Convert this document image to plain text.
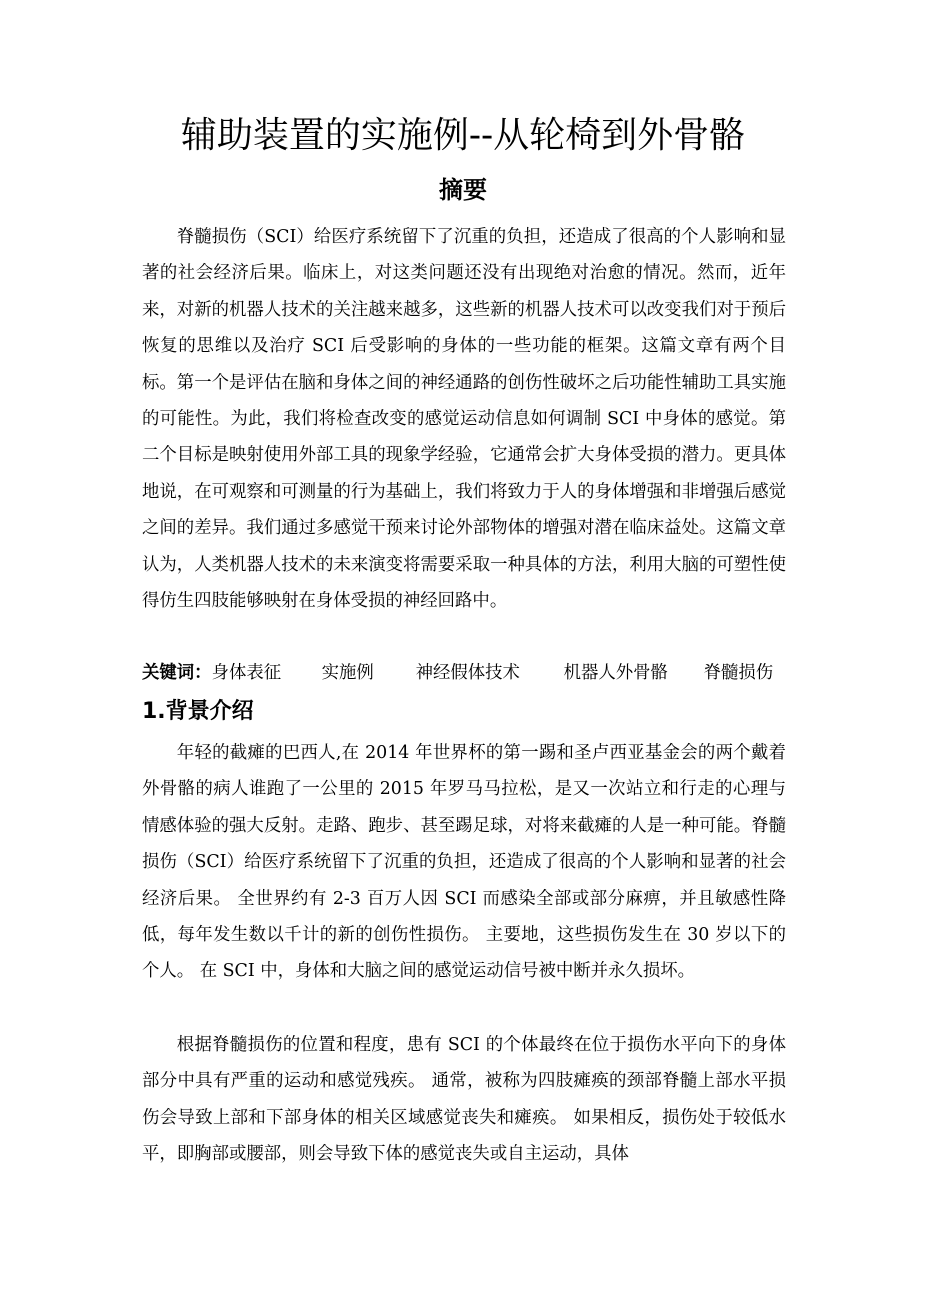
辅助装置的实施例--从轮椅到外骨骼
摘要

脊髓损伤（SCI）给医疗系统留下了沉重的负担，还造成了很高的个人影响和显著的社会经济后果。临床上，对这类问题还没有出现绝对治愈的情况。然而，近年来，对新的机器人技术的关注越来越多，这些新的机器人技术可以改变我们对于预后恢复的思维以及治疗 SCI 后受影响的身体的一些功能的框架。这篇文章有两个目标。第一个是评估在脑和身体之间的神经通路的创伤性破坏之后功能性辅助工具实施的可能性。为此，我们将检查改变的感觉运动信息如何调制 SCI 中身体的感觉。第二个目标是映射使用外部工具的现象学经验，它通常会扩大身体受损的潜力。更具体地说，在可观察和可测量的行为基础上，我们将致力于人的身体增强和非增强后感觉之间的差异。我们通过多感觉干预来讨论外部物体的增强对潜在临床益处。这篇文章认为，人类机器人技术的未来演变将需要采取一种具体的方法，利用大脑的可塑性使得仿生四肢能够映射在身体受损的神经回路中。

关键词：身体表征 实施例 神经假体技术	机器人外骨骼 脊髓损伤
1.背景介绍

年轻的截瘫的巴西人,在 2014 年世界杯的第一踢和圣卢西亚基金会的两个戴着外骨骼的病人谁跑了一公里的 2015 年罗马马拉松，是又一次站立和行走的心理与情感体验的强大反射。走路、跑步、甚至踢足球，对将来截瘫的人是一种可能。脊髓损伤（SCI）给医疗系统留下了沉重的负担，还造成了很高的个人影响和显著的社会经济后果。 全世界约有 2-3 百万人因 SCI 而感染全部或部分麻痹，并且敏感性降低，每年发生数以千计的新的创伤性损伤。 主要地，这些损伤发生在 30 岁以下的个人。 在 SCI 中，身体和大脑之间的感觉运动信号被中断并永久损坏。

根据脊髓损伤的位置和程度，患有 SCI 的个体最终在位于损伤水平向下的身体部分中具有严重的运动和感觉残疾。 通常，被称为四肢瘫痪的颈部脊髓上部水平损伤会导致上部和下部身体的相关区域感觉丧失和瘫痪。 如果相反，损伤处于较低水平，即胸部或腰部，则会导致下体的感觉丧失或自主运动，具体
